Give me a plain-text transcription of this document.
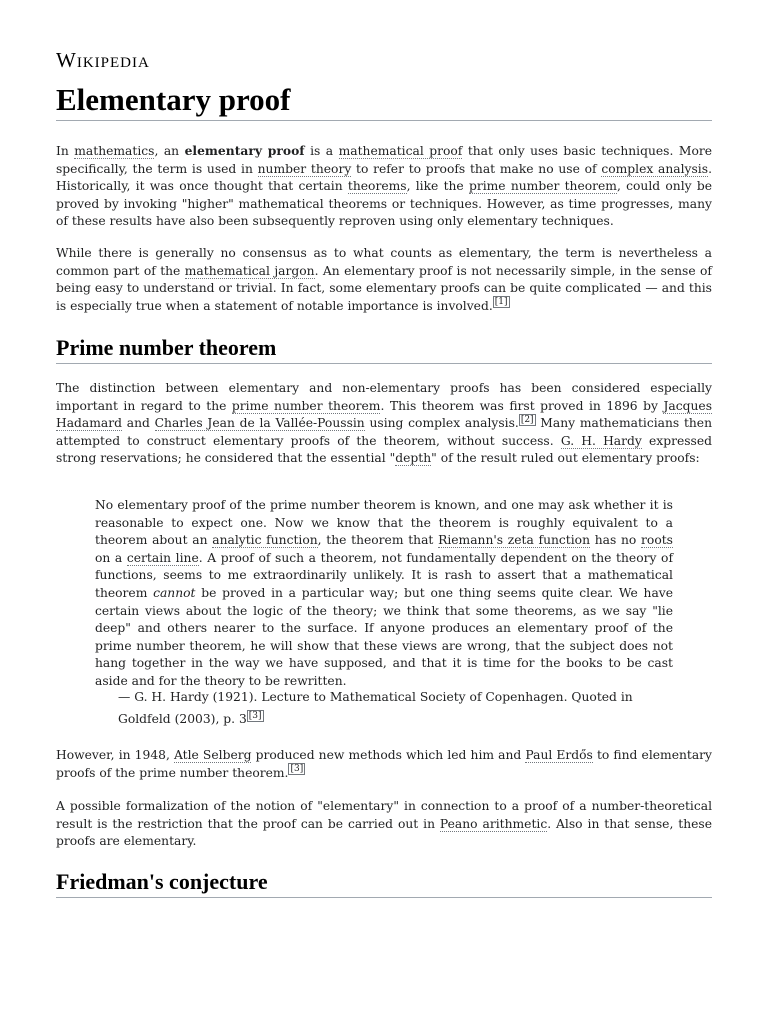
Wikipedia
Elementary proof

In mathematics, an elementary proof is a mathematical proof that only uses basic techniques. More specifically, the term is used in number theory to refer to proofs that make no use of complex analysis. Historically, it was once thought that certain theorems, like the prime number theorem, could only be proved by invoking "higher" mathematical theorems or techniques. However, as time progresses, many of these results have also been subsequently reproven using only elementary techniques.

While there is generally no consensus as to what counts as elementary, the term is nevertheless a common part of the mathematical jargon. An elementary proof is not necessarily simple, in the sense of being easy to understand or trivial. In fact, some elementary proofs can be quite complicated — and this is especially true when a statement of notable importance is involved. [1]

Prime number theorem

The distinction between elementary and non-elementary proofs has been considered especially important in regard to the prime number theorem. This theorem was first proved in 1896 by Jacques Hadamard and Charles Jean de la Vallée-Poussin using complex analysis. [2] Many mathematicians then attempted to construct elementary proofs of the theorem, without success. G. H. Hardy expressed strong reservations; he considered that the essential "depth" of the result ruled out elementary proofs:

No elementary proof of the prime number theorem is known, and one may ask whether it is reasonable to expect one. Now we know that the theorem is roughly equivalent to a theorem about an analytic function, the theorem that Riemann's zeta function has no roots on a certain line. A proof of such a theorem, not fundamentally dependent on the theory of functions, seems to me extraordinarily unlikely. It is rash to assert that a mathematical theorem cannot be proved in a particular way; but one thing seems quite clear. We have certain views about the logic of the theory; we think that some theorems, as we say "lie deep" and others nearer to the surface. If anyone produces an elementary proof of the prime number theorem, he will show that these views are wrong, that the subject does not hang together in the way we have supposed, and that it is time for the books to be cast aside and for the theory to be rewritten.

— G. H. Hardy (1921). Lecture to Mathematical Society of Copenhagen. Quoted in Goldfeld (2003), p. 3 [3]

However, in 1948, Atle Selberg produced new methods which led him and Paul Erdős to find elementary proofs of the prime number theorem. [3]

A possible formalization of the notion of "elementary" in connection to a proof of a number-theoretical result is the restriction that the proof can be carried out in Peano arithmetic. Also in that sense, these proofs are elementary.

Friedman's conjecture
